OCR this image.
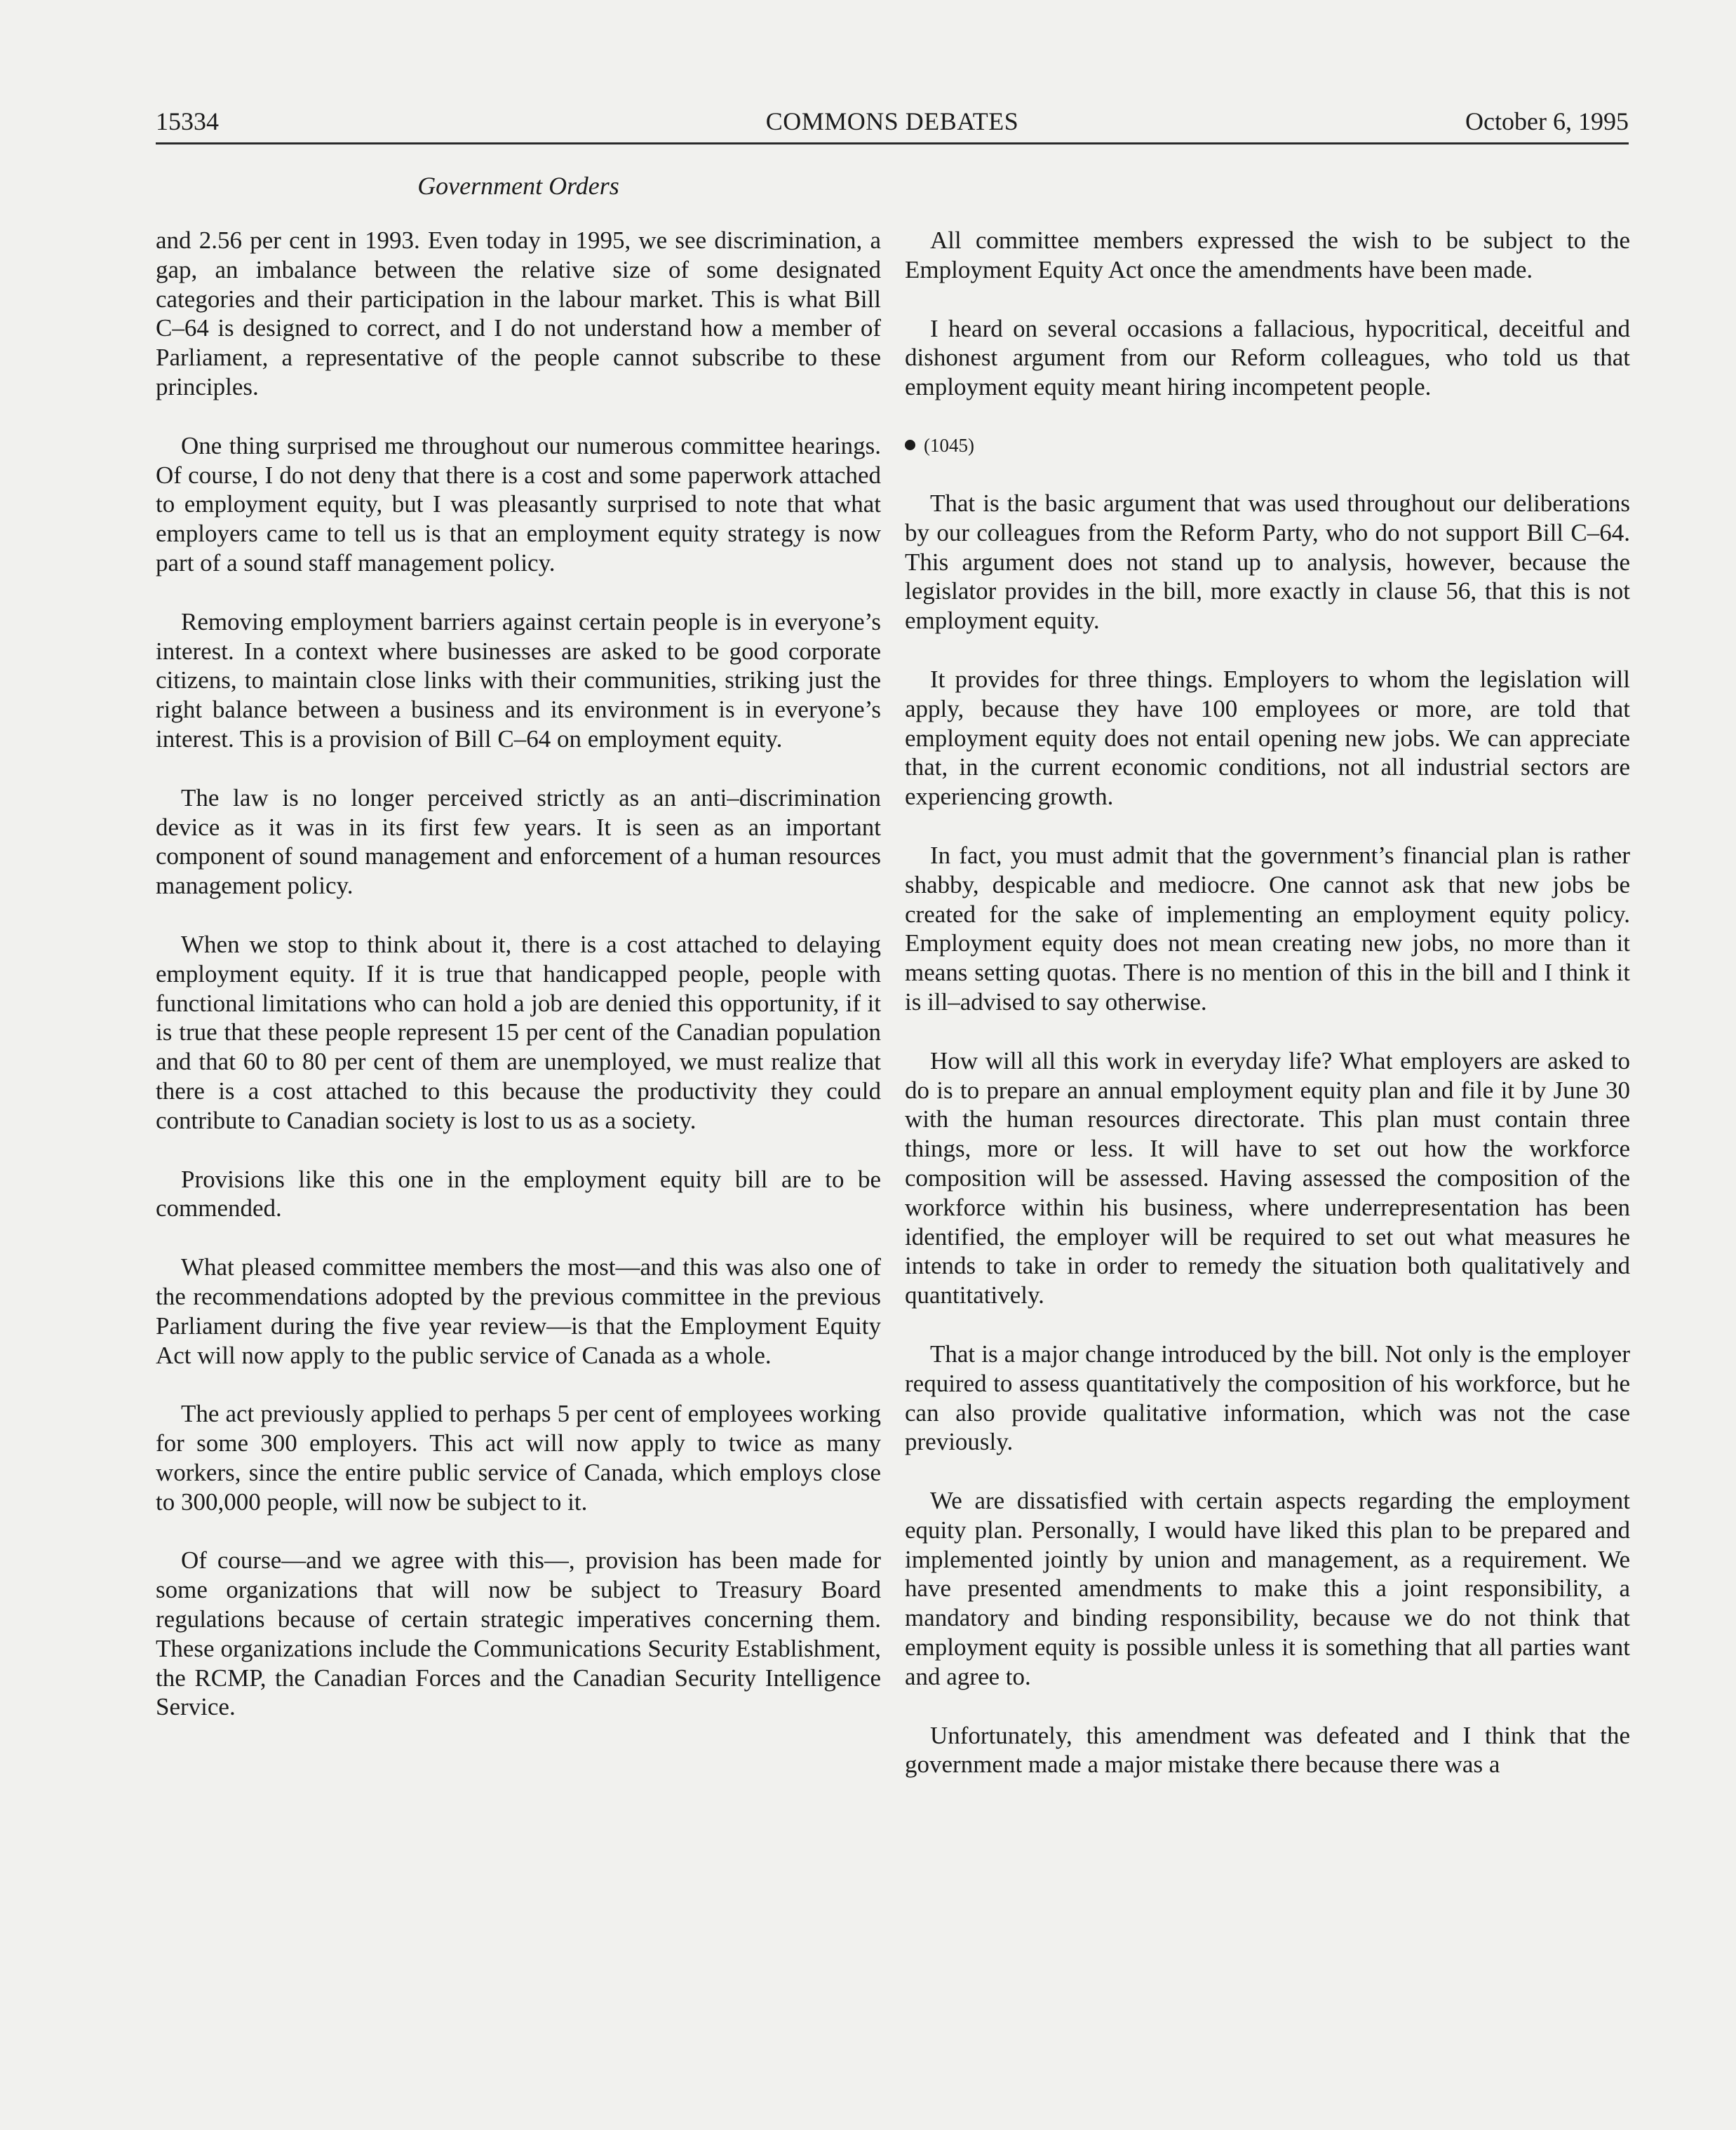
15334	COMMONS DEBATES	October 6, 1995
Government Orders

and 2.56 per cent in 1993. Even today in 1995, we see discrimination, a gap, an imbalance between the relative size of some designated categories and their participation in the labour market. This is what Bill C–64 is designed to correct, and I do not understand how a member of Parliament, a representative of the people cannot subscribe to these principles.

One thing surprised me throughout our numerous committee hearings. Of course, I do not deny that there is a cost and some paperwork attached to employment equity, but I was pleasantly surprised to note that what employers came to tell us is that an employment equity strategy is now part of a sound staff management policy.

Removing employment barriers against certain people is in everyone’s interest. In a context where businesses are asked to be good corporate citizens, to maintain close links with their communities, striking just the right balance between a business and its environment is in everyone’s interest. This is a provision of Bill C–64 on employment equity.

The law is no longer perceived strictly as an anti–discrimination device as it was in its first few years. It is seen as an important component of sound management and enforcement of a human resources management policy.

When we stop to think about it, there is a cost attached to delaying employment equity. If it is true that handicapped people, people with functional limitations who can hold a job are denied this opportunity, if it is true that these people represent 15 per cent of the Canadian population and that 60 to 80 per cent of them are unemployed, we must realize that there is a cost attached to this because the productivity they could contribute to Canadian society is lost to us as a society.

Provisions like this one in the employment equity bill are to be commended.

What pleased committee members the most—and this was also one of the recommendations adopted by the previous committee in the previous Parliament during the five year review—is that the Employment Equity Act will now apply to the public service of Canada as a whole.

The act previously applied to perhaps 5 per cent of employees working for some 300 employers. This act will now apply to twice as many workers, since the entire public service of Canada, which employs close to 300,000 people, will now be subject to it.

Of course—and we agree with this—, provision has been made for some organizations that will now be subject to Treasury Board regulations because of certain strategic imperatives concerning them. These organizations include the Communications Security Establishment, the RCMP, the Canadian Forces and the Canadian Security Intelligence Service.

All committee members expressed the wish to be subject to the Employment Equity Act once the amendments have been made.

I heard on several occasions a fallacious, hypocritical, deceitful and dishonest argument from our Reform colleagues, who told us that employment equity meant hiring incompetent people.

(1045)

That is the basic argument that was used throughout our deliberations by our colleagues from the Reform Party, who do not support Bill C–64. This argument does not stand up to analysis, however, because the legislator provides in the bill, more exactly in clause 56, that this is not employment equity.

It provides for three things. Employers to whom the legislation will apply, because they have 100 employees or more, are told that employment equity does not entail opening new jobs. We can appreciate that, in the current economic conditions, not all industrial sectors are experiencing growth.

In fact, you must admit that the government’s financial plan is rather shabby, despicable and mediocre. One cannot ask that new jobs be created for the sake of implementing an employment equity policy. Employment equity does not mean creating new jobs, no more than it means setting quotas. There is no mention of this in the bill and I think it is ill–advised to say otherwise.

How will all this work in everyday life? What employers are asked to do is to prepare an annual employment equity plan and file it by June 30 with the human resources directorate. This plan must contain three things, more or less. It will have to set out how the workforce composition will be assessed. Having assessed the composition of the workforce within his business, where underrepresentation has been identified, the employer will be required to set out what measures he intends to take in order to remedy the situation both qualitatively and quantitatively.

That is a major change introduced by the bill. Not only is the employer required to assess quantitatively the composition of his workforce, but he can also provide qualitative information, which was not the case previously.

We are dissatisfied with certain aspects regarding the employment equity plan. Personally, I would have liked this plan to be prepared and implemented jointly by union and management, as a requirement. We have presented amendments to make this a joint responsibility, a mandatory and binding responsibility, because we do not think that employment equity is possible unless it is something that all parties want and agree to.

Unfortunately, this amendment was defeated and I think that the government made a major mistake there because there was a
